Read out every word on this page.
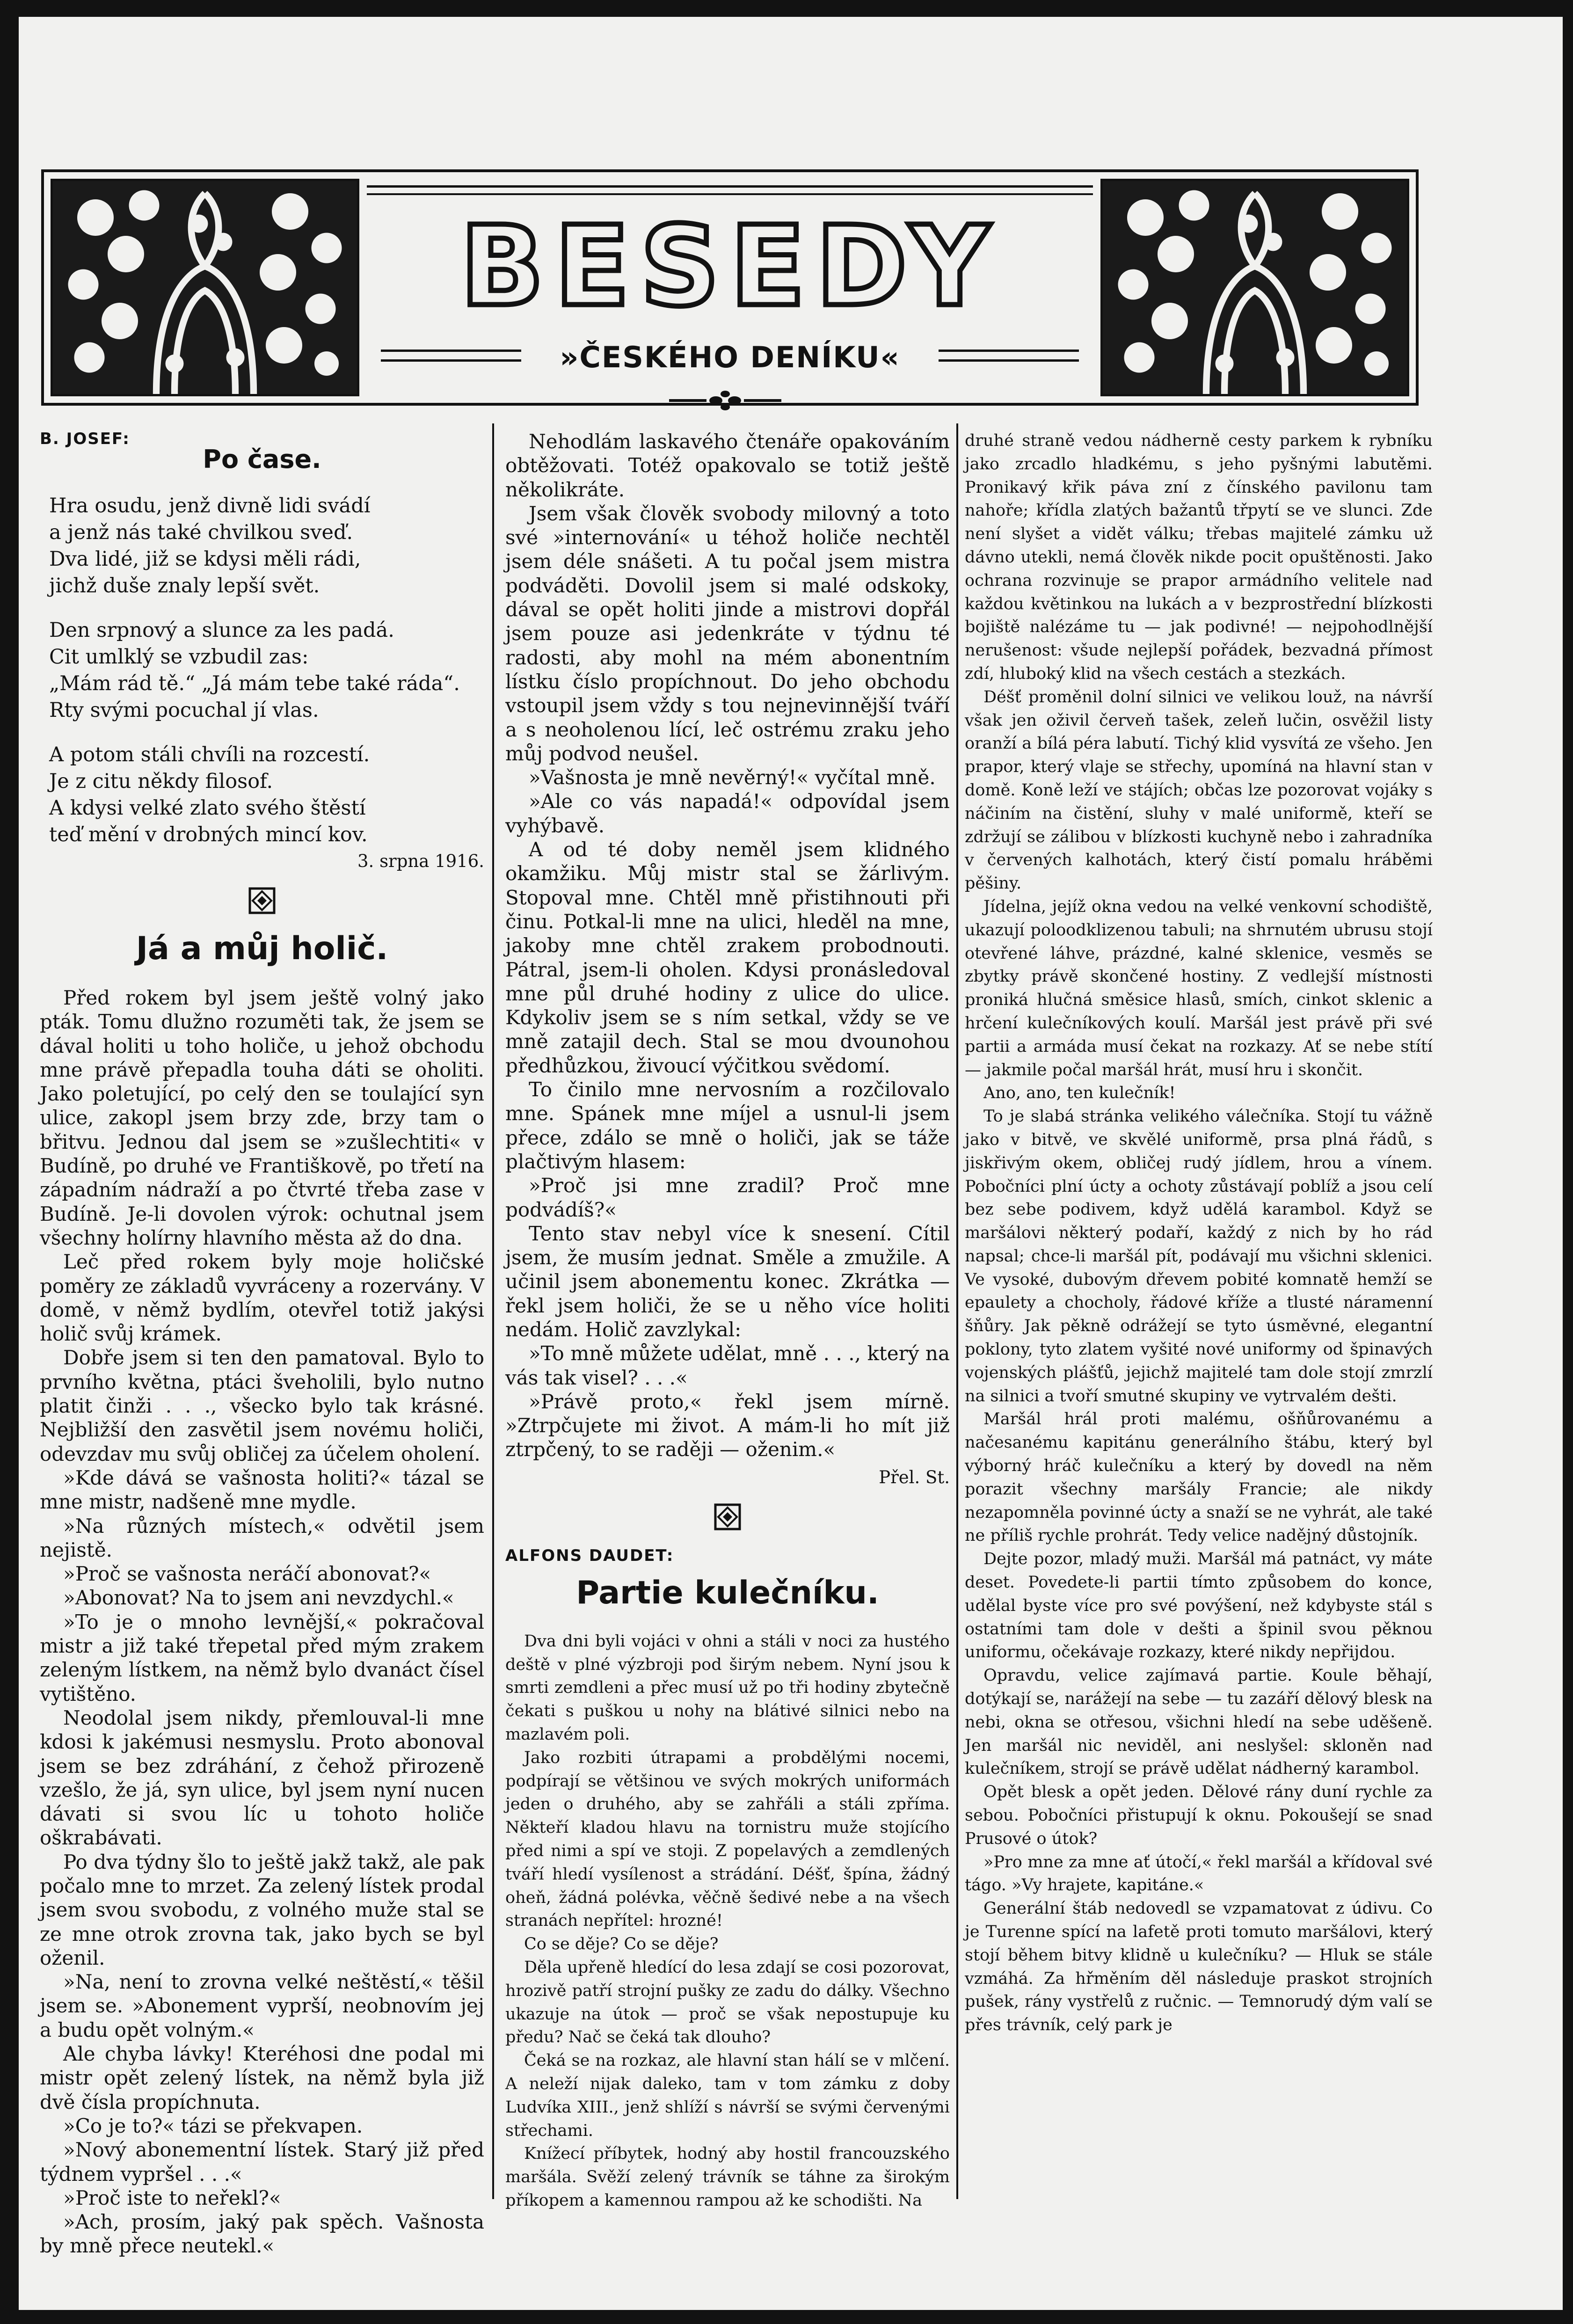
BESEDY
»ČESKÉHO DENÍKU«
B. JOSEF:
Po čase.
Hra osudu, jenž divně lidi svádí
a jenž nás také chvilkou sveď.
Dva lidé, již se kdysi měli rádi,
jichž duše znaly lepší svět.
Den srpnový a slunce za les padá.
Cit umlklý se vzbudil zas:
„Mám rád tě.“ „Já mám tebe také ráda“.
Rty svými pocuchal jí vlas.
A potom stáli chvíli na rozcestí.
Je z citu někdy filosof.
A kdysi velké zlato svého štěstí
teď mění v drobných mincí kov.
3. srpna 1916.
Já a můj holič.

Před rokem byl jsem ještě volný jako pták. Tomu dlužno rozuměti tak, že jsem se dával holiti u toho holiče, u jehož obchodu mne právě přepadla touha dáti se oholiti. Jako poletující, po celý den se toulající syn ulice, zakopl jsem brzy zde, brzy tam o břitvu. Jednou dal jsem se »zušlechtiti« v Budíně, po druhé ve Františkově, po třetí na západním nádraží a po čtvrté třeba zase v Budíně. Je-li dovolen výrok: ochutnal jsem všechny holírny hlavního města až do dna.

Leč před rokem byly moje holičské poměry ze základů vyvráceny a rozervány. V domě, v němž bydlím, otevřel totiž jakýsi holič svůj krámek.

Dobře jsem si ten den pamatoval. Bylo to prvního května, ptáci šveholili, bylo nutno platit činži . . ., všecko bylo tak krásné. Nejbližší den zasvětil jsem novému holiči, odevzdav mu svůj obličej za účelem oholení.

»Kde dává se vašnosta holiti?« tázal se mne mistr, nadšeně mne mydle.

»Na různých místech,« odvětil jsem nejistě.

»Proč se vašnosta neráčí abonovat?«

»Abonovat? Na to jsem ani nevzdychl.«

»To je o mnoho levnější,« pokračoval mistr a již také třepetal před mým zrakem zeleným lístkem, na němž bylo dvanáct čísel vytištěno.

Neodolal jsem nikdy, přemlouval-li mne kdosi k jakémusi nesmyslu. Proto abonoval jsem se bez zdráhání, z čehož přirozeně vzešlo, že já, syn ulice, byl jsem nyní nucen dávati si svou líc u tohoto holiče oškrabávati.

Po dva týdny šlo to ještě jakž takž, ale pak počalo mne to mrzet. Za zelený lístek prodal jsem svou svobodu, z volného muže stal se ze mne otrok zrovna tak, jako bych se byl oženil.

»Na, není to zrovna velké neštěstí,« těšil jsem se. »Abonement vyprší, neobnovím jej a budu opět volným.«

Ale chyba lávky! Kteréhosi dne podal mi mistr opět zelený lístek, na němž byla již dvě čísla propíchnuta.

»Co je to?« tázi se překvapen.

»Nový abonementní lístek. Starý již před týdnem vypršel . . .«

»Proč iste to neřekl?«

»Ach, prosím, jaký pak spěch. Vašnosta by mně přece neutekl.«

Nehodlám laskavého čtenáře opakováním obtěžovati. Totéž opakovalo se totiž ještě několikráte.

Jsem však člověk svobody milovný a toto své »internování« u téhož holiče nechtěl jsem déle snášeti. A tu počal jsem mistra podváděti. Dovolil jsem si malé odskoky, dával se opět holiti jinde a mistrovi dopřál jsem pouze asi jedenkráte v týdnu té radosti, aby mohl na mém abonentním lístku číslo propíchnout. Do jeho obchodu vstoupil jsem vždy s tou nejnevinnější tváří a s neoholenou lící, leč ostrému zraku jeho můj podvod neušel.

»Vašnosta je mně nevěrný!« vyčítal mně.

»Ale co vás napadá!« odpovídal jsem vyhýbavě.

A od té doby neměl jsem klidného okamžiku. Můj mistr stal se žárlivým. Stopoval mne. Chtěl mně přistihnouti při činu. Potkal-li mne na ulici, hleděl na mne, jakoby mne chtěl zrakem probodnouti. Pátral, jsem-li oholen. Kdysi pronásledoval mne půl druhé hodiny z ulice do ulice. Kdykoliv jsem se s ním setkal, vždy se ve mně zatajil dech. Stal se mou dvounohou předhůzkou, živoucí výčitkou svědomí.

To činilo mne nervosním a rozčilovalo mne. Spánek mne míjel a usnul-li jsem přece, zdálo se mně o holiči, jak se táže plačtivým hlasem:

»Proč jsi mne zradil? Proč mne podvádíš?«

Tento stav nebyl více k snesení. Cítil jsem, že musím jednat. Směle a zmužile. A učinil jsem abonementu konec. Zkrátka — řekl jsem holiči, že se u něho více holiti nedám. Holič zavzlykal:

»To mně můžete udělat, mně . . ., který na vás tak visel? . . .«

»Právě proto,« řekl jsem mírně. »Ztrpčujete mi život. A mám-li ho mít již ztrpčený, to se raději — oženim.«

Přel. St.
ALFONS DAUDET:
Partie kulečníku.

Dva dni byli vojáci v ohni a stáli v noci za hustého deště v plné výzbroji pod širým nebem. Nyní jsou k smrti zemdleni a přec musí už po tři hodiny zbytečně čekati s puškou u nohy na blátivé silnici nebo na mazlavém poli.

Jako rozbiti útrapami a probdělými nocemi, podpírají se většinou ve svých mokrých uniformách jeden o druhého, aby se zahřáli a stáli zpříma. Někteří kladou hlavu na tornistru muže stojícího před nimi a spí ve stoji. Z popelavých a zemdlených tváří hledí vysílenost a strádání. Déšť, špína, žádný oheň, žádná polévka, věčně šedivé nebe a na všech stranách nepřítel: hrozné!

Co se děje? Co se děje?

Děla upřeně hledící do lesa zdají se cosi pozorovat, hrozivě patří strojní pušky ze zadu do dálky. Všechno ukazuje na útok — proč se však nepostupuje ku předu? Nač se čeká tak dlouho?

Čeká se na rozkaz, ale hlavní stan hálí se v mlčení. A neleží nijak daleko, tam v tom zámku z doby Ludvíka XIII., jenž shlíží s návrší se svými červenými střechami.

Knížecí příbytek, hodný aby hostil francouzského maršála. Svěží zelený trávník se táhne za širokým příkopem a kamennou rampou až ke schodišti. Na

druhé straně vedou nádherně cesty parkem k rybníku jako zrcadlo hladkému, s jeho pyšnými labutěmi. Pronikavý křik páva zní z čínského pavilonu tam nahoře; křídla zlatých bažantů třpytí se ve slunci. Zde není slyšet a vidět válku; třebas majitelé zámku už dávno utekli, nemá člověk nikde pocit opuštěnosti. Jako ochrana rozvinuje se prapor armádního velitele nad každou květinkou na lukách a v bezprostřední blízkosti bojiště nalézáme tu — jak podivné! — nejpohodlnější nerušenost: všude nejlepší pořádek, bezvadná přímost zdí, hluboký klid na všech cestách a stezkách.

Déšť proměnil dolní silnici ve velikou louž, na návrší však jen oživil červeň tašek, zeleň lučin, osvěžil listy oranží a bílá péra labutí. Tichý klid vysvítá ze všeho. Jen prapor, který vlaje se střechy, upomíná na hlavní stan v domě. Koně leží ve stájích; občas lze pozorovat vojáky s náčiním na čistění, sluhy v malé uniformě, kteří se zdržují se zálibou v blízkosti kuchyně nebo i zahradníka v červených kalhotách, který čistí pomalu hráběmi pěšiny.

Jídelna, jejíž okna vedou na velké venkovní schodiště, ukazují poloodklizenou tabuli; na shrnutém ubrusu stojí otevřené láhve, prázdné, kalné sklenice, vesměs se zbytky právě skončené hostiny. Z vedlejší místnosti proniká hlučná směsice hlasů, smích, cinkot sklenic a hrčení kulečníkových koulí. Maršál jest právě při své partii a armáda musí čekat na rozkazy. Ať se nebe stítí — jakmile počal maršál hrát, musí hru i skončit.

Ano, ano, ten kulečník!

To je slabá stránka velikého válečníka. Stojí tu vážně jako v bitvě, ve skvělé uniformě, prsa plná řádů, s jiskřivým okem, obličej rudý jídlem, hrou a vínem. Pobočníci plní úcty a ochoty zůstávají poblíž a jsou celí bez sebe podivem, když udělá karambol. Když se maršálovi některý podaří, každý z nich by ho rád napsal; chce-li maršál pít, podávají mu všichni sklenici. Ve vysoké, dubovým dřevem pobité komnatě hemží se epaulety a chocholy, řádové kříže a tlusté náramenní šňůry. Jak pěkně odrážejí se tyto úsměvné, elegantní poklony, tyto zlatem vyšité nové uniformy od špinavých vojenských plášťů, jejichž majitelé tam dole stojí zmrzlí na silnici a tvoří smutné skupiny ve vytrvalém dešti.

Maršál hrál proti malému, ošňůrovanému a načesanému kapitánu generálního štábu, který byl výborný hráč kulečníku a který by dovedl na něm porazit všechny maršály Francie; ale nikdy nezapomněla povinné úcty a snaží se ne vyhrát, ale také ne příliš rychle prohrát. Tedy velice nadějný důstojník.

Dejte pozor, mladý muži. Maršál má patnáct, vy máte deset. Povedete-li partii tímto způsobem do konce, udělal byste více pro své povýšení, než kdybyste stál s ostatními tam dole v dešti a špinil svou pěknou uniformu, očekávaje rozkazy, které nikdy nepřijdou.

Opravdu, velice zajímavá partie. Koule běhají, dotýkají se, narážejí na sebe — tu zazáří dělový blesk na nebi, okna se otřesou, všichni hledí na sebe uděšeně. Jen maršál nic neviděl, ani neslyšel: skloněn nad kulečníkem, strojí se právě udělat nádherný karambol.

Opět blesk a opět jeden. Dělové rány duní rychle za sebou. Pobočníci přistupují k oknu. Pokoušejí se snad Prusové o útok?

»Pro mne za mne ať útočí,« řekl maršál a křídoval své tágo. »Vy hrajete, kapitáne.«

Generální štáb nedovedl se vzpamatovat z údivu. Co je Turenne spící na lafetě proti tomuto maršálovi, který stojí během bitvy klidně u kulečníku? — Hluk se stále vzmáhá. Za hřměním děl následuje praskot strojních pušek, rány vystřelů z ručnic. — Temnorudý dým valí se přes trávník, celý park je
